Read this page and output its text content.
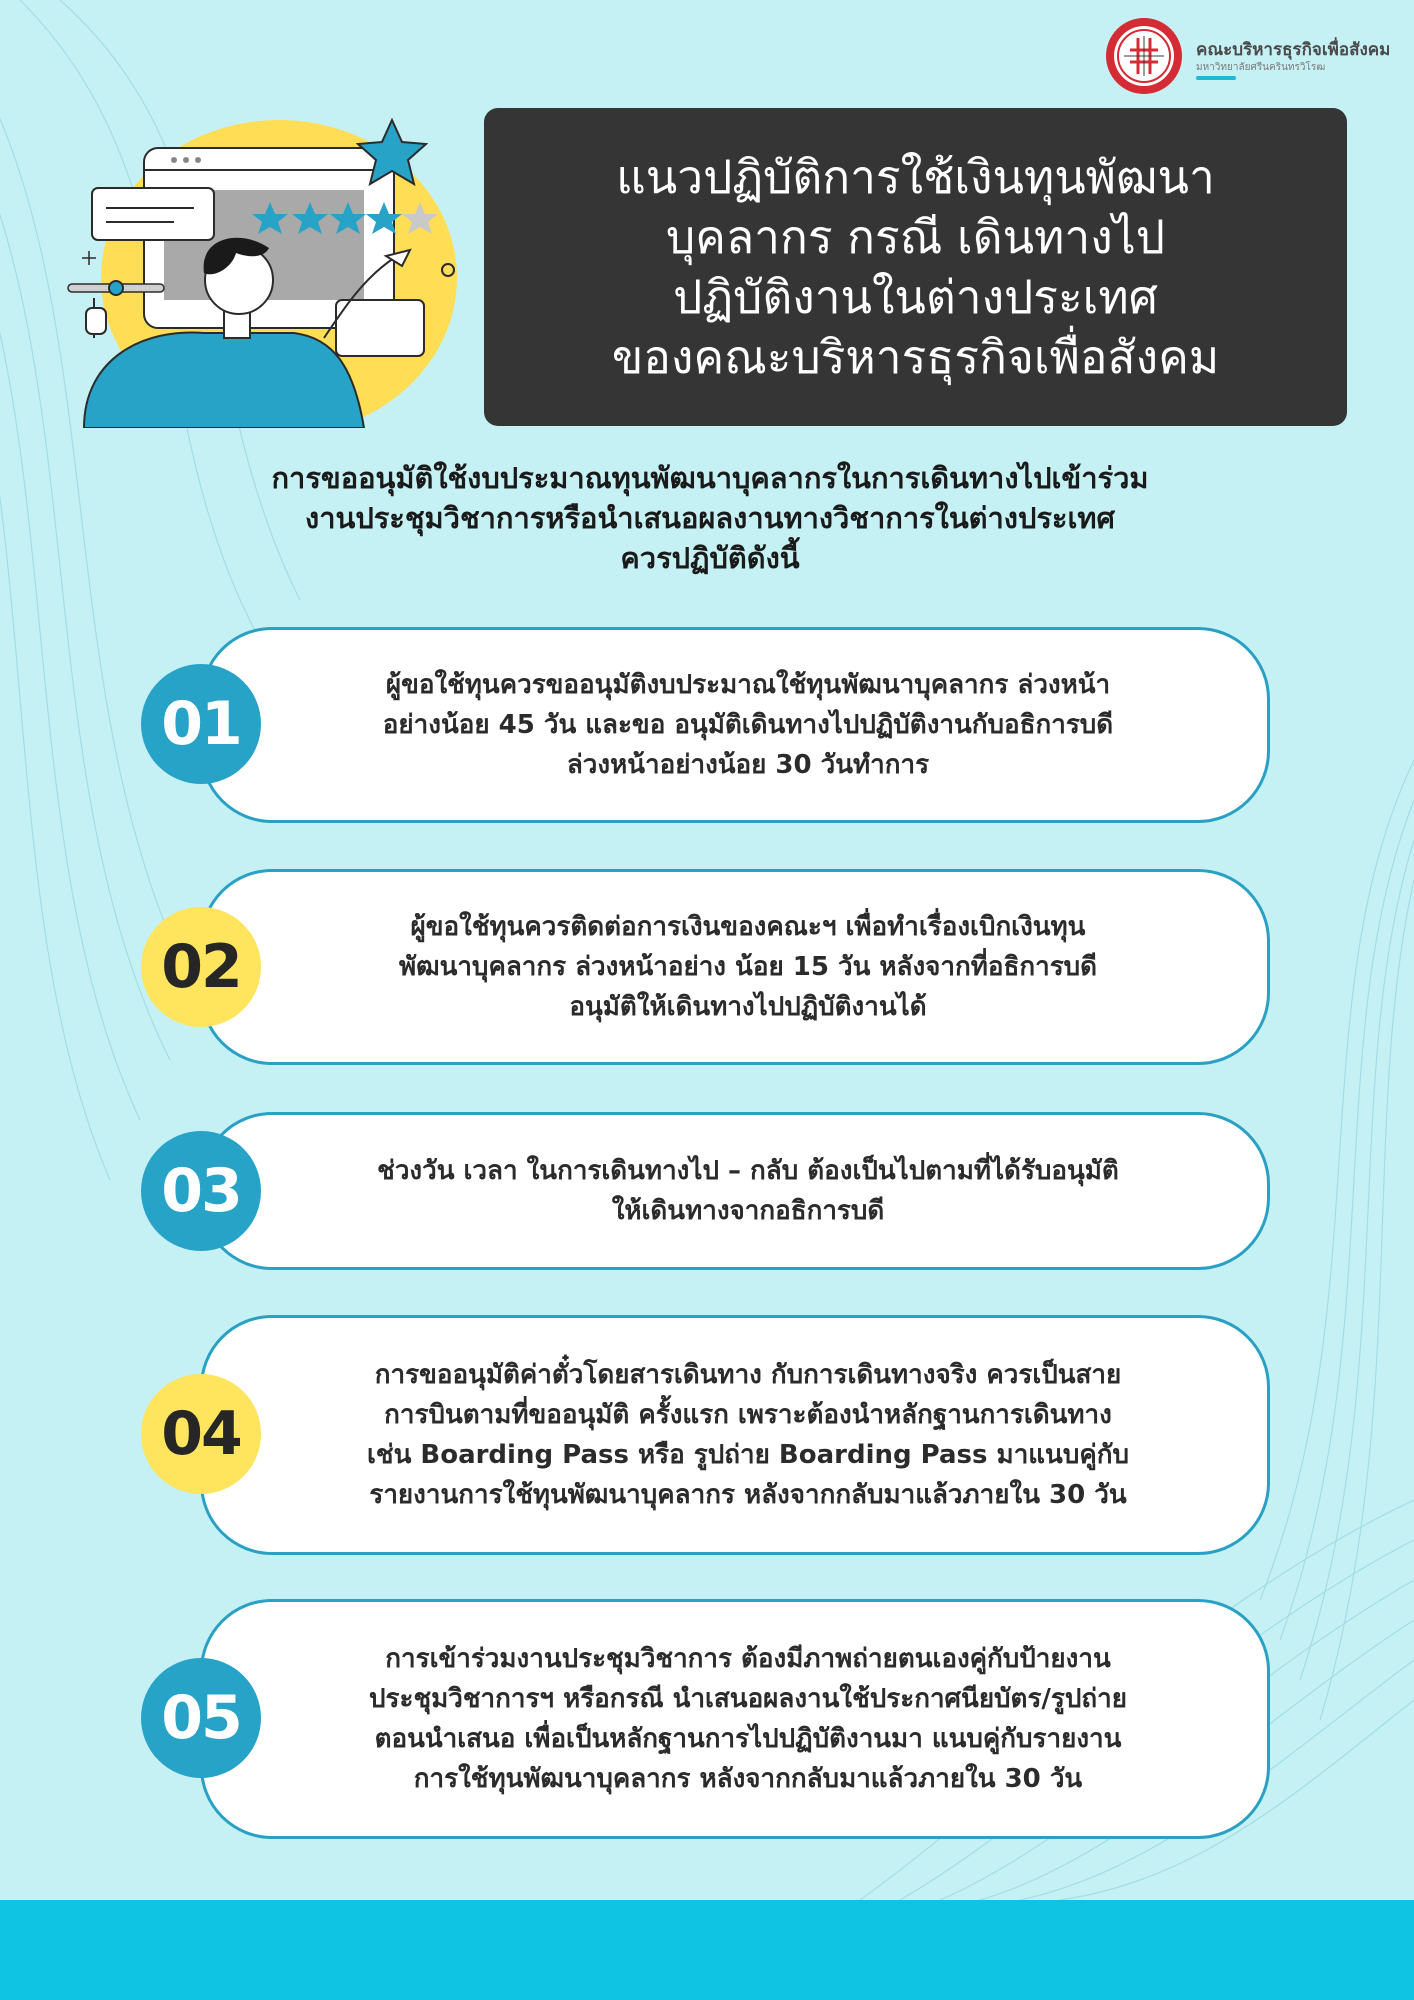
คณะบริหารธุรกิจเพื่อสังคม
มหาวิทยาลัยศรีนครินทรวิโรฒ
แนวปฏิบัติการใช้เงินทุนพัฒนา
บุคลากร กรณี เดินทางไป
ปฏิบัติงานในต่างประเทศ
ของคณะบริหารธุรกิจเพื่อสังคม
การขออนุมัติใช้งบประมาณทุนพัฒนาบุคลากรในการเดินทางไปเข้าร่วม
งานประชุมวิชาการหรือนำเสนอผลงานทางวิชาการในต่างประเทศ
ควรปฏิบัติดังนี้
01
ผู้ขอใช้ทุนควรขออนุมัติงบประมาณใช้ทุนพัฒนาบุคลากร ล่วงหน้า
อย่างน้อย 45 วัน และขอ อนุมัติเดินทางไปปฏิบัติงานกับอธิการบดี
ล่วงหน้าอย่างน้อย 30 วันทำการ
02
ผู้ขอใช้ทุนควรติดต่อการเงินของคณะฯ เพื่อทำเรื่องเบิกเงินทุน
พัฒนาบุคลากร ล่วงหน้าอย่าง น้อย 15 วัน หลังจากที่อธิการบดี
อนุมัติให้เดินทางไปปฏิบัติงานได้
03	ช่วงวัน เวลา ในการเดินทางไป – กลับ ต้องเป็นไปตามที่ได้รับอนุมัติ
ให้เดินทางจากอธิการบดี
04
การขออนุมัติค่าตั๋วโดยสารเดินทาง กับการเดินทางจริง ควรเป็นสาย
การบินตามที่ขออนุมัติ ครั้งแรก เพราะต้องนำหลักฐานการเดินทาง
เช่น Boarding Pass หรือ รูปถ่าย Boarding Pass มาแนบคู่กับ
รายงานการใช้ทุนพัฒนาบุคลากร หลังจากกลับมาแล้วภายใน 30 วัน
05
การเข้าร่วมงานประชุมวิชาการ ต้องมีภาพถ่ายตนเองคู่กับป้ายงาน
ประชุมวิชาการฯ หรือกรณี นำเสนอผลงานใช้ประกาศนียบัตร/รูปถ่าย
ตอนนำเสนอ เพื่อเป็นหลักฐานการไปปฏิบัติงานมา แนบคู่กับรายงาน
การใช้ทุนพัฒนาบุคลากร หลังจากกลับมาแล้วภายใน 30 วัน
